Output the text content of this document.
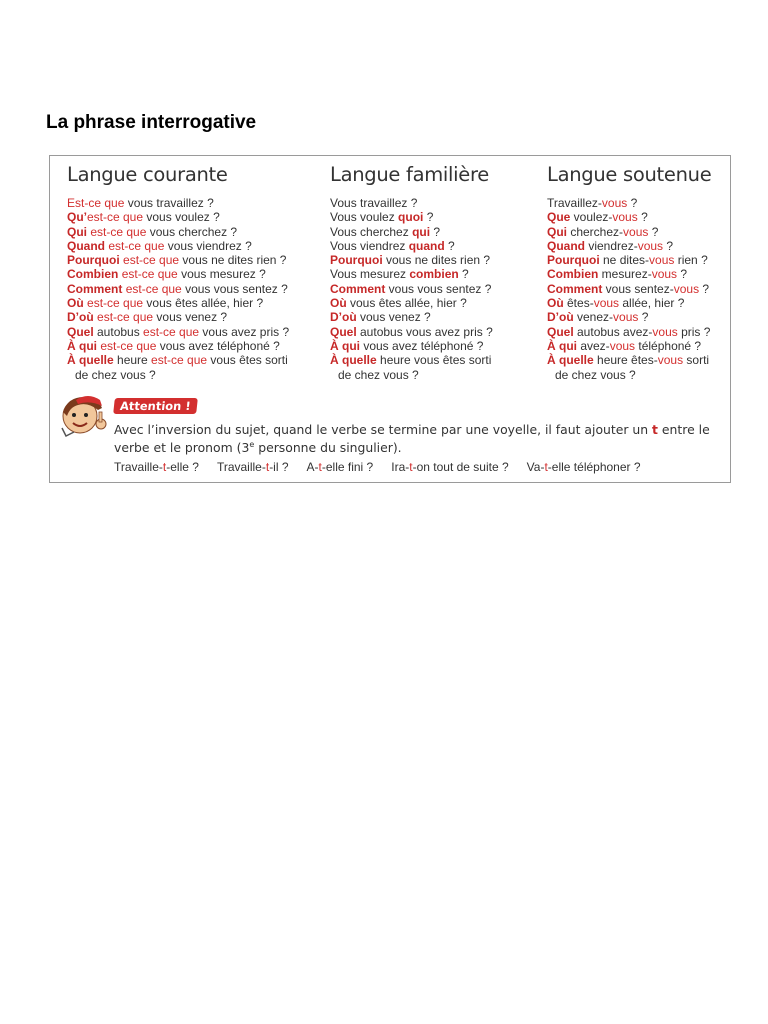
La phrase interrogative
Langue courante
Est-ce que vous travaillez ?
Qu’est-ce que vous voulez ?
Qui est-ce que vous cherchez ?
Quand est-ce que vous viendrez ?
Pourquoi est-ce que vous ne dites rien ?
Combien est-ce que vous mesurez ?
Comment est-ce que vous vous sentez ?
Où est-ce que vous êtes allée, hier ?
D’où est-ce que vous venez ?
Quel autobus est-ce que vous avez pris ?
À qui est-ce que vous avez téléphoné ?
À quelle heure est-ce que vous êtes sorti
de chez vous ?
Langue familière
Vous travaillez ?
Vous voulez quoi ?
Vous cherchez qui ?
Vous viendrez quand ?
Pourquoi vous ne dites rien ?
Vous mesurez combien ?
Comment vous vous sentez ?
Où vous êtes allée, hier ?
D’où vous venez ?
Quel autobus vous avez pris ?
À qui vous avez téléphoné ?
À quelle heure vous êtes sorti
de chez vous ?
Langue soutenue
Travaillez-vous ?
Que voulez-vous ?
Qui cherchez-vous ?
Quand viendrez-vous ?
Pourquoi ne dites-vous rien ?
Combien mesurez-vous ?
Comment vous sentez-vous ?
Où êtes-vous allée, hier ?
D’où venez-vous ?
Quel autobus avez-vous pris ?
À qui avez-vous téléphoné ?
À quelle heure êtes-vous sorti
de chez vous ?
Attention !
Avec l’inversion du sujet, quand le verbe se termine par une voyelle, il faut ajouter un t entre le verbe et le pronom (3e personne du singulier).
Travaille-t-elle ? Travaille-t-il ? A-t-elle fini ? Ira-t-on tout de suite ? Va-t-elle téléphoner ?
